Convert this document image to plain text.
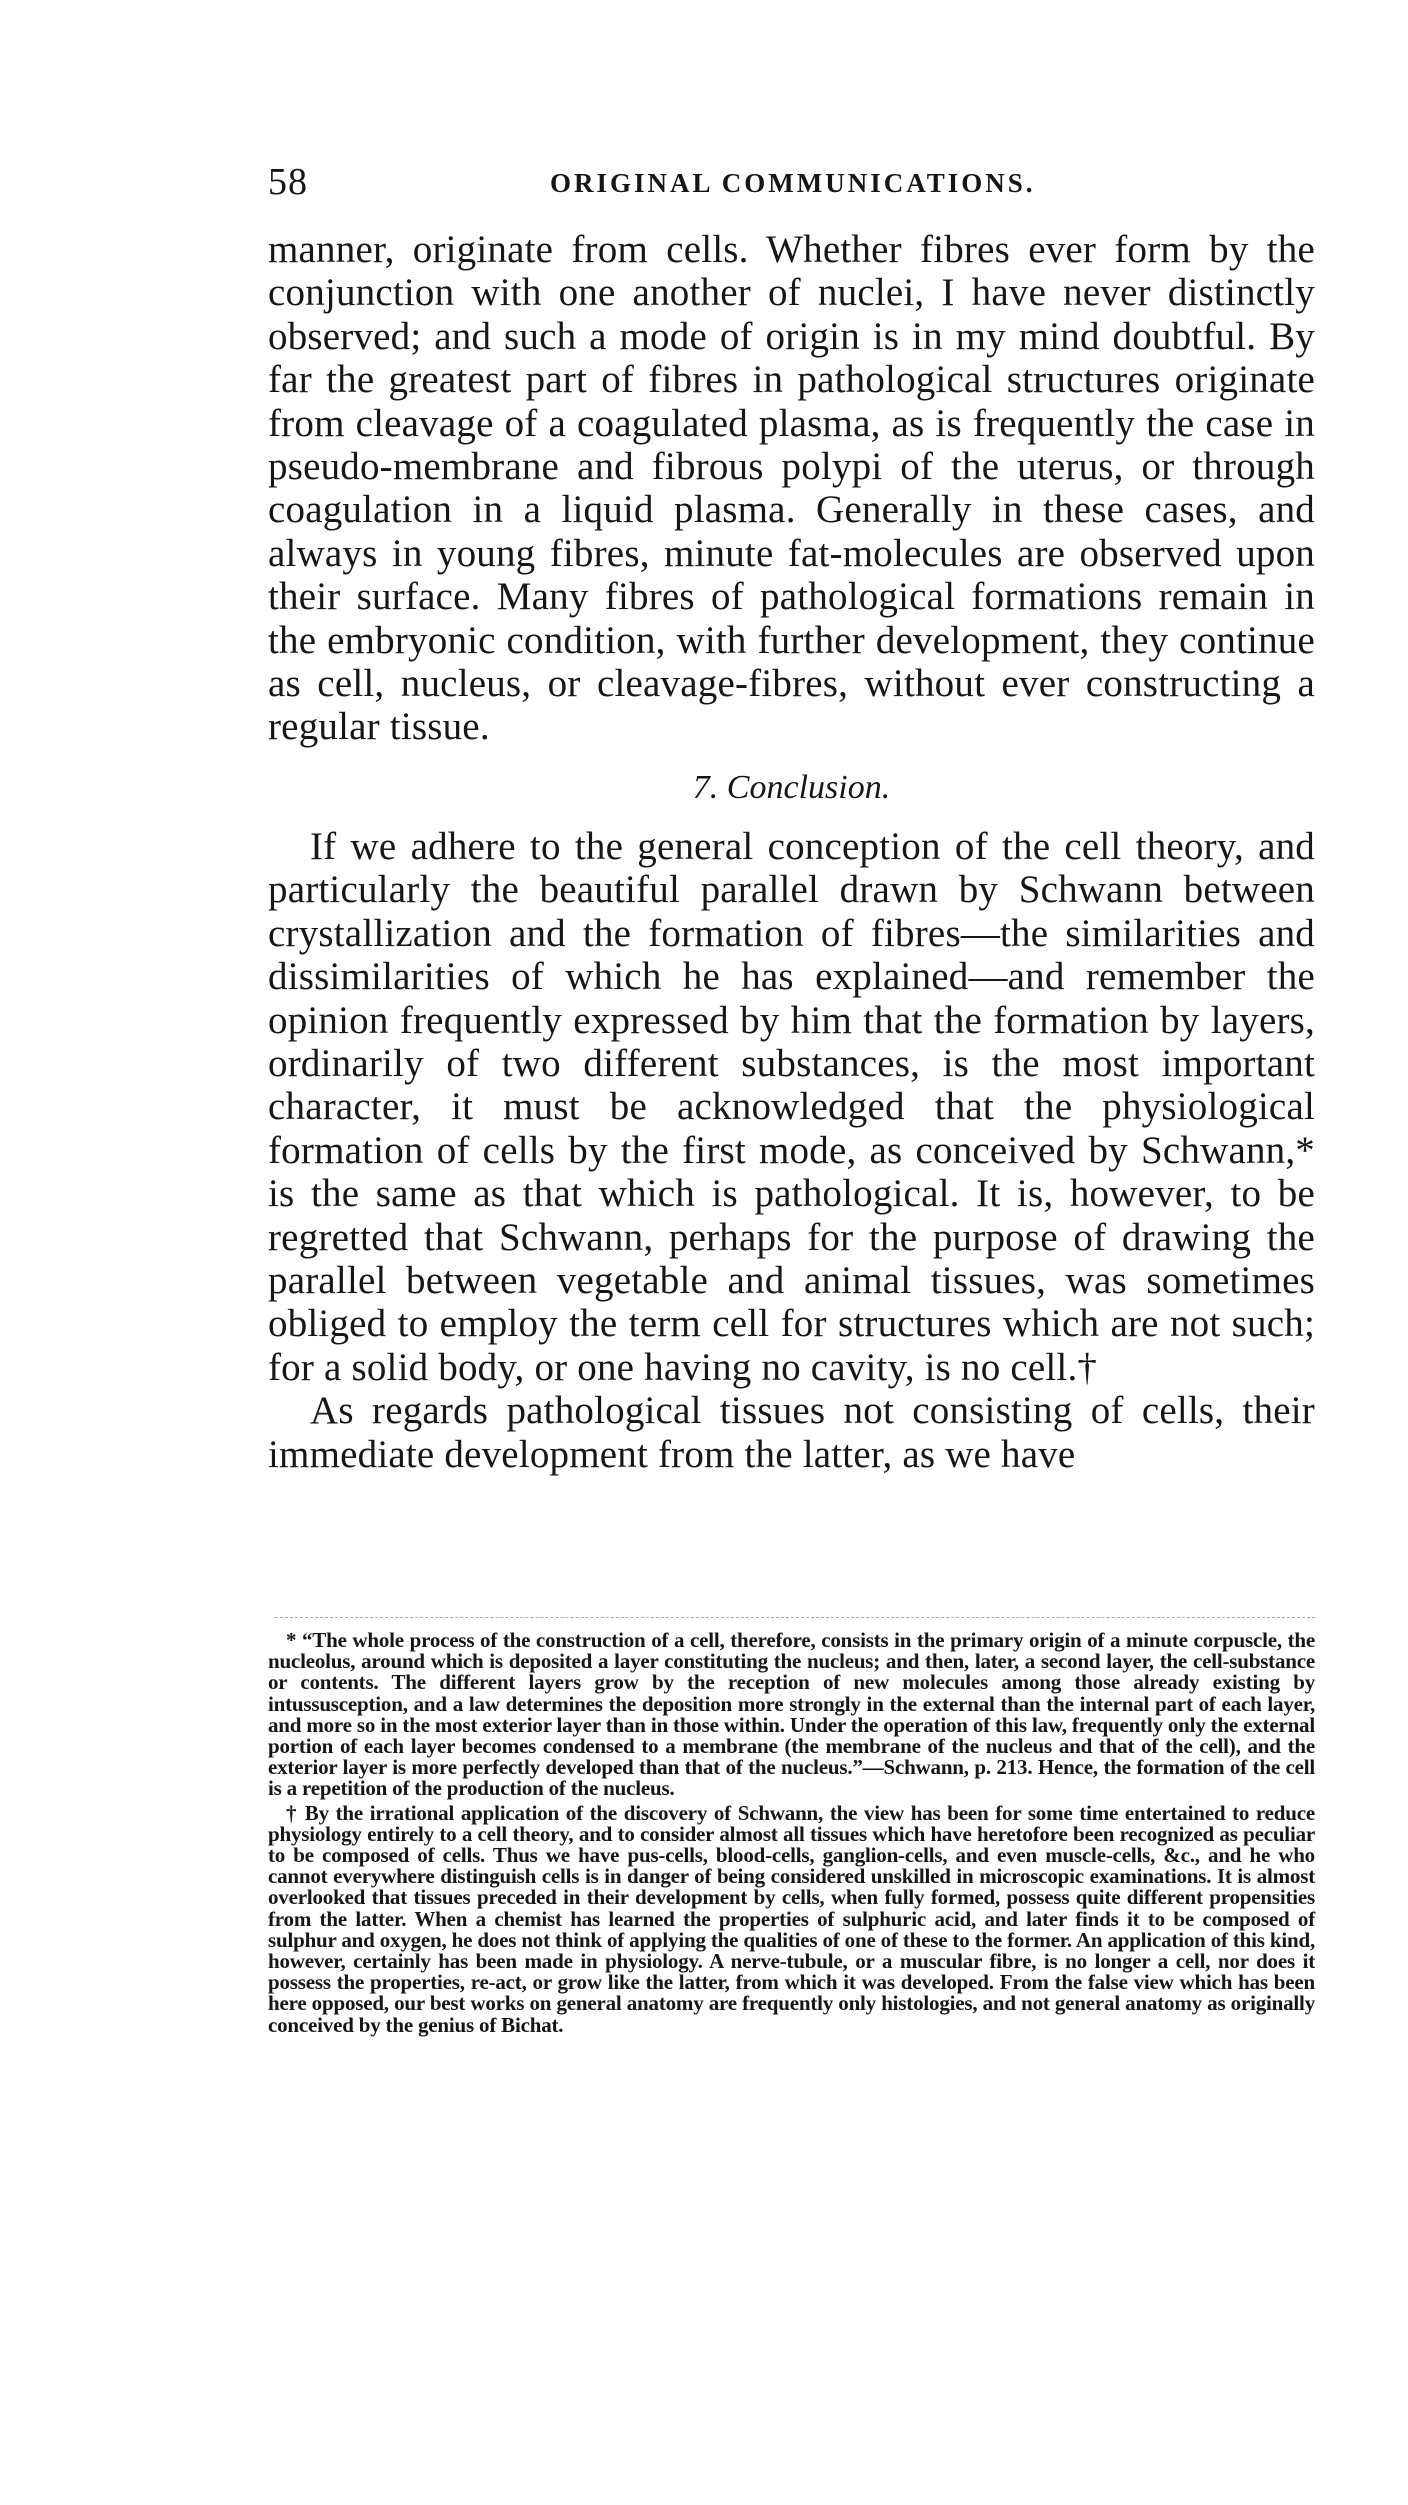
58	ORIGINAL COMMUNICATIONS.

manner, originate from cells. Whether fibres ever form by the conjunction with one another of nuclei, I have never distinctly observed; and such a mode of origin is in my mind doubtful. By far the greatest part of fibres in pathological structures originate from cleavage of a coagulated plasma, as is frequently the case in pseudo-membrane and fibrous polypi of the uterus, or through coagulation in a liquid plasma. Generally in these cases, and always in young fibres, minute fat-molecules are observed upon their surface. Many fibres of pathological formations remain in the embryonic condition, with further development, they continue as cell, nucleus, or cleavage-fibres, without ever constructing a regular tissue.

7. Conclusion.

If we adhere to the general conception of the cell theory, and particularly the beautiful parallel drawn by Schwann between crystallization and the formation of fibres—the similarities and dissimilarities of which he has explained—and remember the opinion frequently expressed by him that the formation by layers, ordinarily of two different substances, is the most important character, it must be acknowledged that the physiological formation of cells by the first mode, as conceived by Schwann,* is the same as that which is pathological. It is, however, to be regretted that Schwann, perhaps for the purpose of drawing the parallel between vegetable and animal tissues, was sometimes obliged to employ the term cell for structures which are not such; for a solid body, or one having no cavity, is no cell.†

As regards pathological tissues not consisting of cells, their immediate development from the latter, as we have

* “The whole process of the construction of a cell, therefore, consists in the primary origin of a minute corpuscle, the nucleolus, around which is deposited a layer constituting the nucleus; and then, later, a second layer, the cell-substance or contents. The different layers grow by the reception of new molecules among those already existing by intussusception, and a law determines the deposition more strongly in the external than the internal part of each layer, and more so in the most exterior layer than in those within. Under the operation of this law, frequently only the external portion of each layer becomes condensed to a membrane (the membrane of the nucleus and that of the cell), and the exterior layer is more perfectly developed than that of the nucleus.”—Schwann, p. 213. Hence, the formation of the cell is a repetition of the production of the nucleus.

† By the irrational application of the discovery of Schwann, the view has been for some time entertained to reduce physiology entirely to a cell theory, and to consider almost all tissues which have heretofore been recognized as peculiar to be composed of cells. Thus we have pus-cells, blood-cells, ganglion-cells, and even muscle-cells, &c., and he who cannot everywhere distinguish cells is in danger of being considered unskilled in microscopic examinations. It is almost overlooked that tissues preceded in their development by cells, when fully formed, possess quite different propensities from the latter. When a chemist has learned the properties of sulphuric acid, and later finds it to be composed of sulphur and oxygen, he does not think of applying the qualities of one of these to the former. An application of this kind, however, certainly has been made in physiology. A nerve-tubule, or a muscular fibre, is no longer a cell, nor does it possess the properties, re-act, or grow like the latter, from which it was developed. From the false view which has been here opposed, our best works on general anatomy are frequently only histologies, and not general anatomy as originally conceived by the genius of Bichat.
